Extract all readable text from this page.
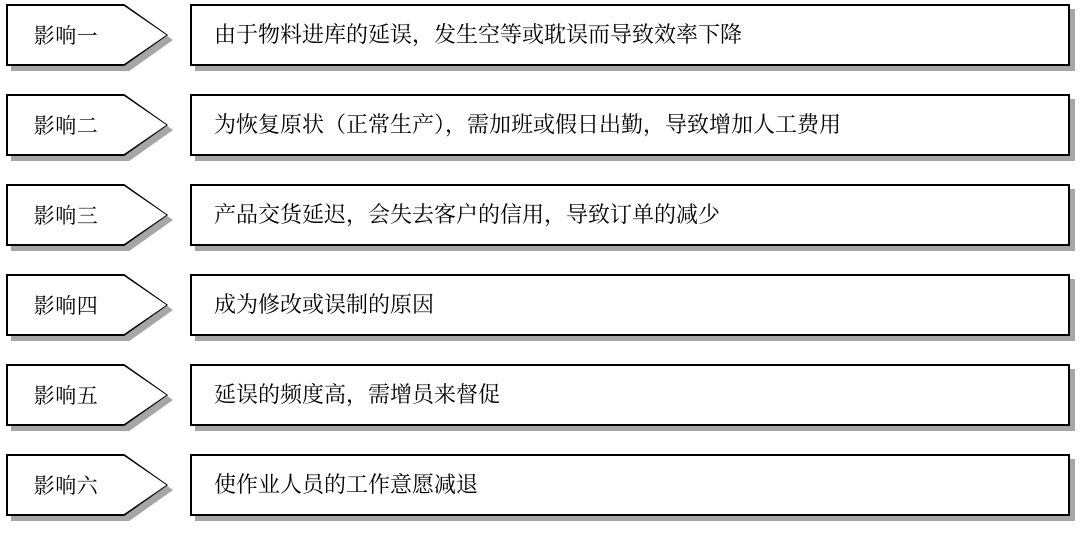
影响一	由于物料进库的延误，发生空等或耽误而导致效率下降
影响二	为恢复原状（正常生产），需加班或假日出勤，导致增加人工费用
影响三	产品交货延迟，会失去客户的信用，导致订单的减少
影响四	成为修改或误制的原因
影响五	延误的频度高，需增员来督促
影响六	使作业人员的工作意愿减退
